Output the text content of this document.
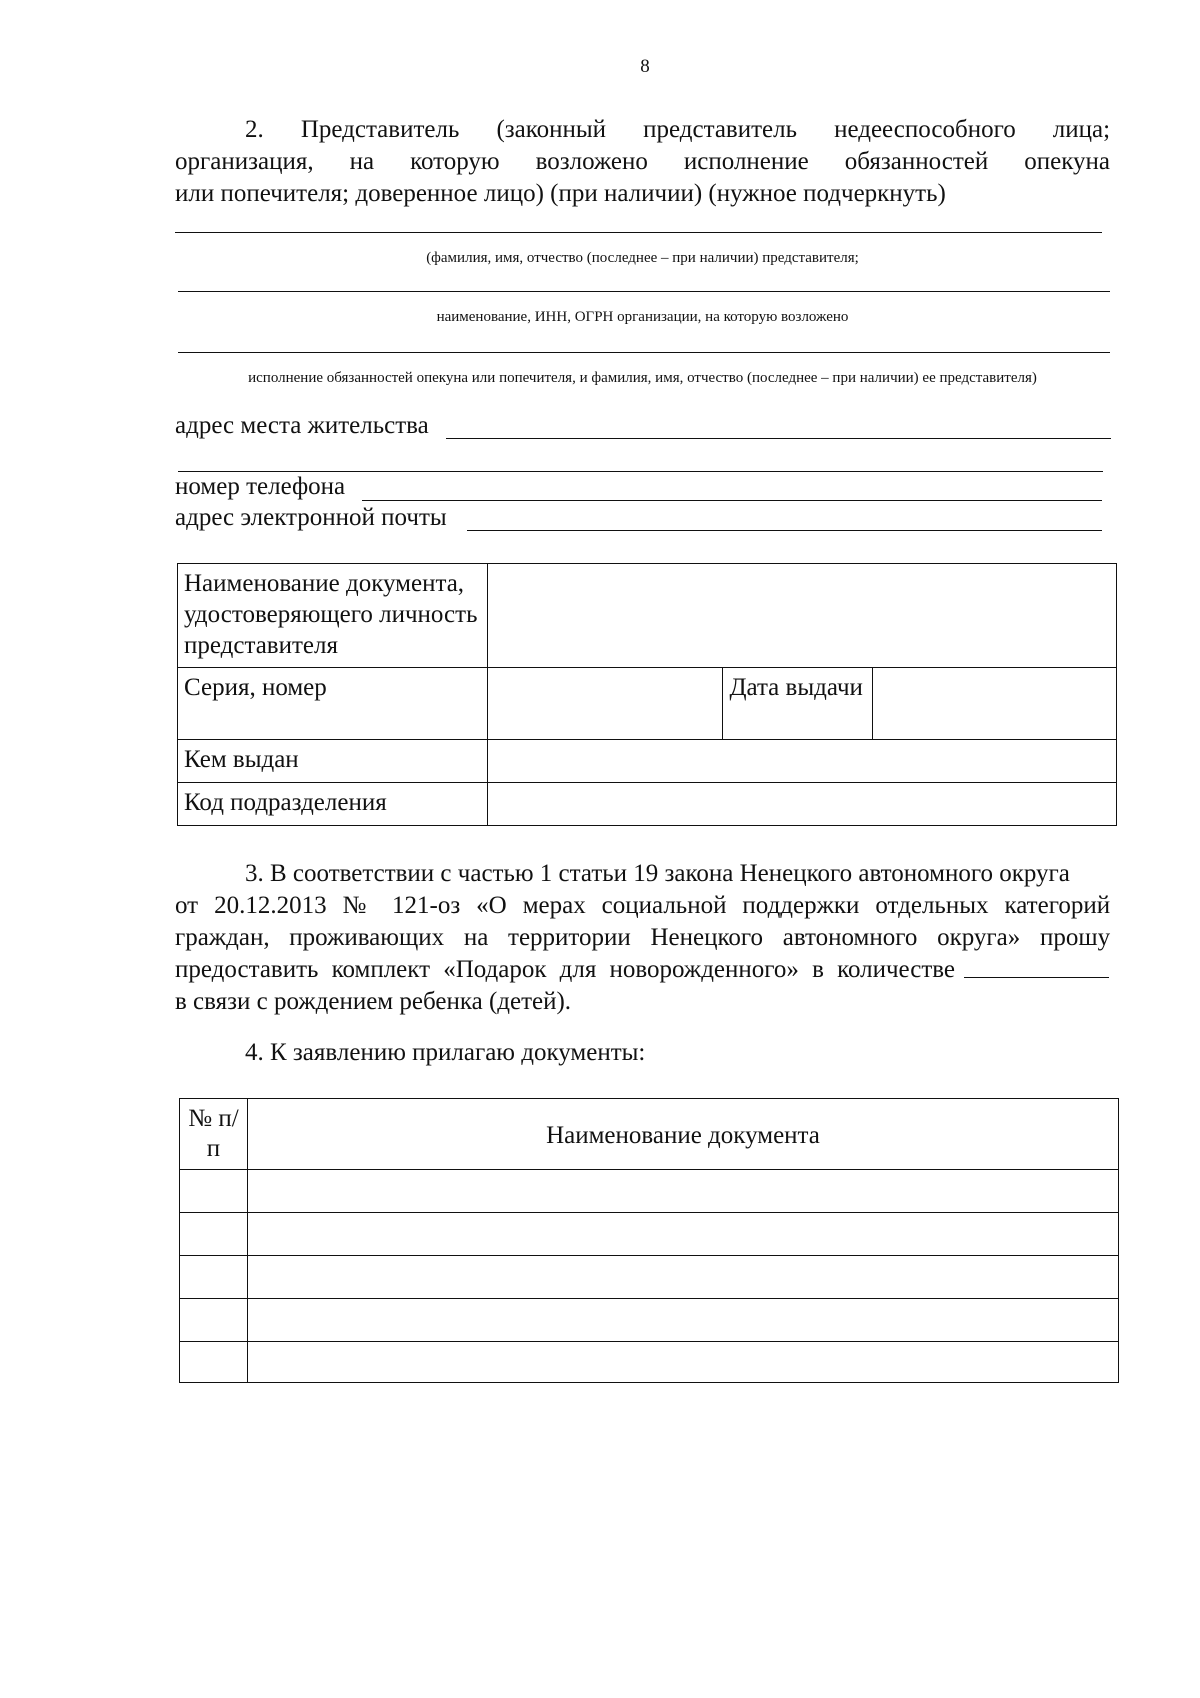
8
2. Представитель (законный представитель недееспособного лица;
организация, на которую возложено исполнение обязанностей опекуна
или попечителя; доверенное лицо) (при наличии) (нужное подчеркнуть)
(фамилия, имя, отчество (последнее – при наличии) представителя;
наименование, ИНН, ОГРН организации, на которую возложено
исполнение обязанностей опекуна или попечителя, и фамилия, имя, отчество (последнее – при наличии) ее представителя)
адрес места жительства
номер телефона
адрес электронной почты
Наименование документа, удостоверяющего личность представителя			
Серия, номер		Дата выдачи	
Кем выдан			
Код подразделения			
3. В соответствии с частью 1 статьи 19 закона Ненецкого автономного округа
от 20.12.2013 № 121-оз «О мерах социальной поддержки отдельных категорий
граждан, проживающих на территории Ненецкого автономного округа» прошу
предоставить комплект «Подарок для новорожденного» в количестве
в связи с рождением ребенка (детей).
4. К заявлению прилагаю документы:
№ п/п	Наименование документа
